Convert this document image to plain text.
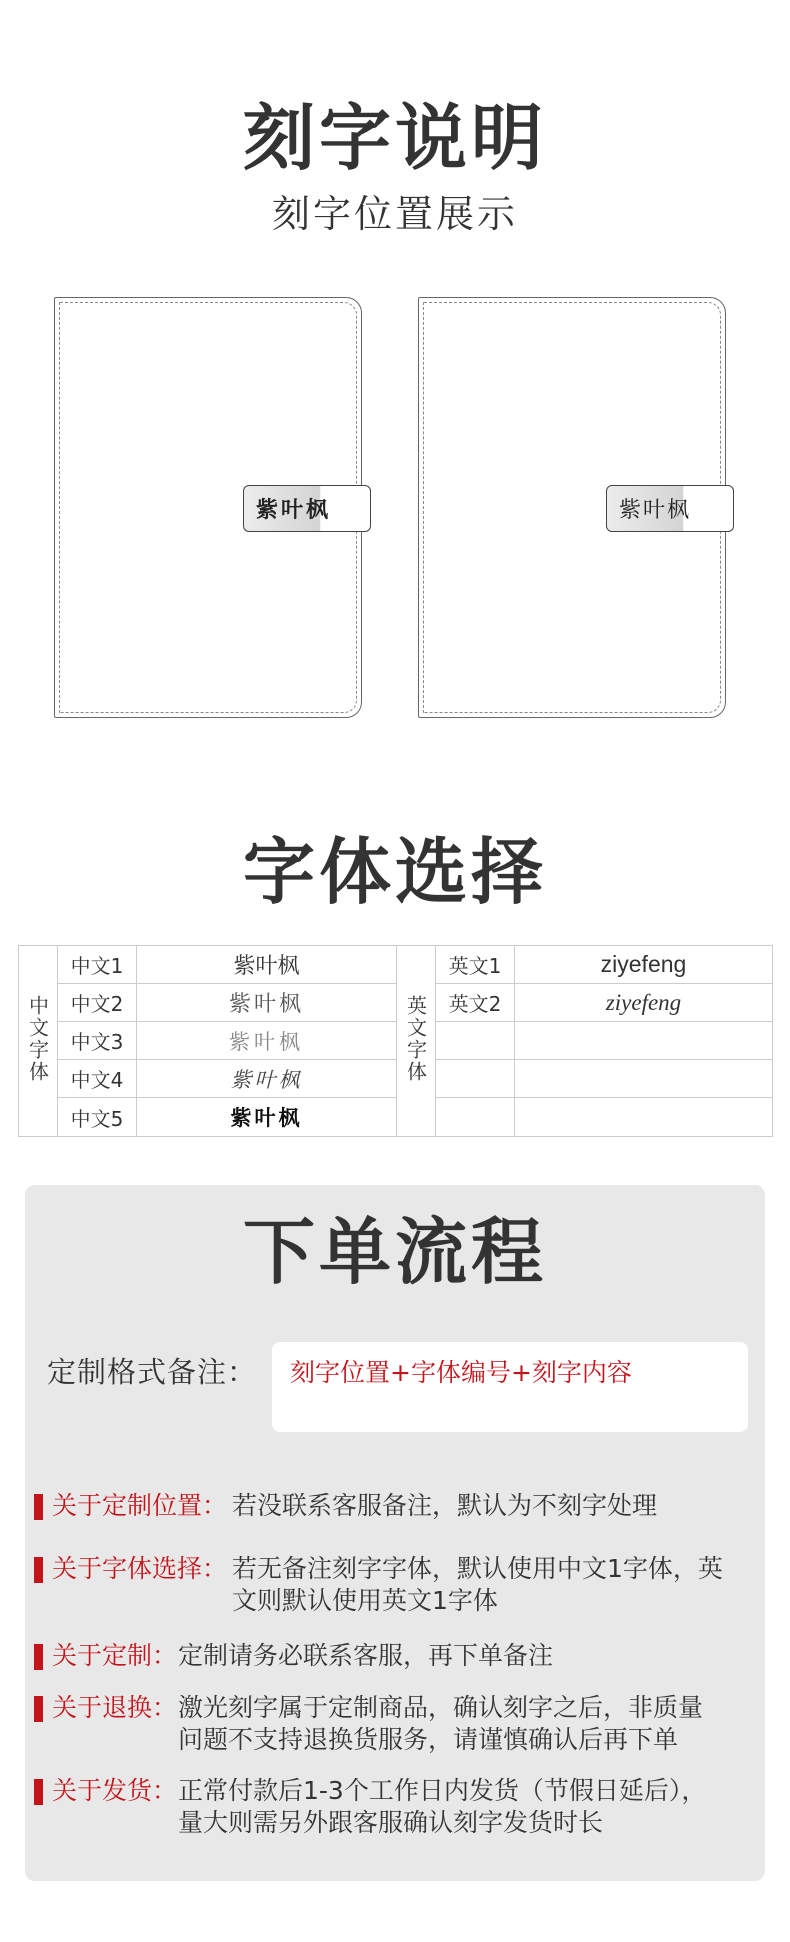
刻字说明
刻字位置展示
紫叶枫	紫叶枫
字体选择
中文字体	中文1	紫叶枫	英文字体	英文1	ziyefeng
	中文2	紫叶枫		英文2	ziyefeng
	中文3	紫叶枫			
	中文4	紫叶枫			
	中文5	紫叶枫			
下单流程
定制格式备注： 刻字位置+字体编号+刻字内容
关于定制位置： 若没联系客服备注，默认为不刻字处理
关于字体选择： 若无备注刻字字体，默认使用中文1字体，英
文则默认使用英文1字体
关于定制： 定制请务必联系客服，再下单备注
关于退换： 激光刻字属于定制商品，确认刻字之后，非质量
问题不支持退换货服务，请谨慎确认后再下单
关于发货： 正常付款后1-3个工作日内发货（节假日延后），
量大则需另外跟客服确认刻字发货时长
